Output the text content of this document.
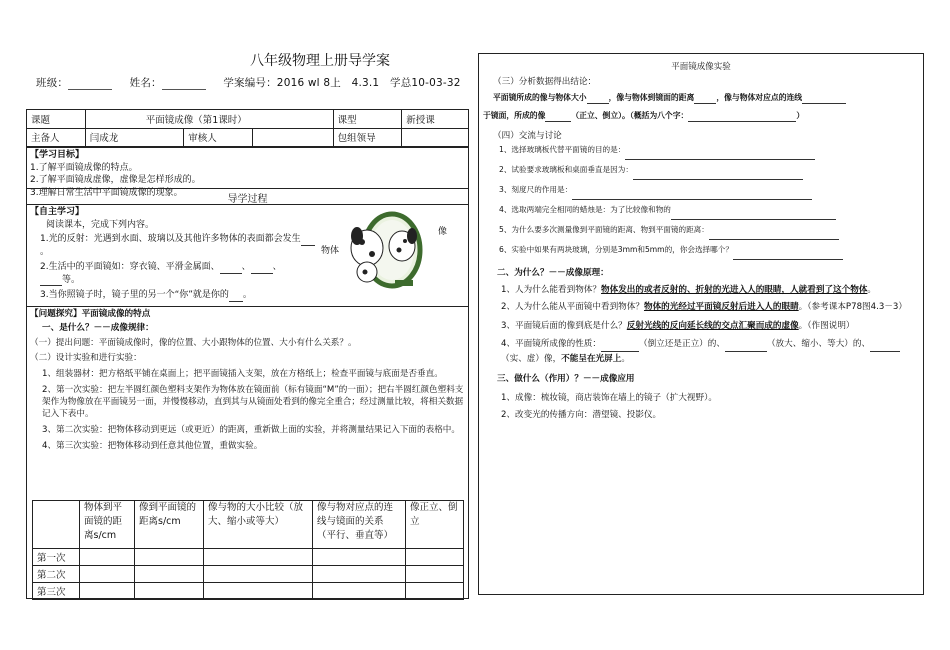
八年级物理上册导学案
班级：	姓名：	学案编号：2016 wl 8上　4.3.1　学总10-03-32
课题	平面镜成像（第1课时）			课型	新授课
主备人	闫成龙	审核人		包组领导	
【学习目标】
1.了解平面镜成像的特点。
2.了解平面镜成虚像，虚像是怎样形成的。
3.理解日常生活中平面镜成像的现象。
导学过程
【自主学习】
阅读课本，完成下列内容。
1.光的反射：光遇到水面、玻璃以及其他许多物体的表面都会发生。
2.生活中的平面镜如：穿衣镜、平滑金属面、 、 、
等。
3.当你照镜子时，镜子里的另一个“你”就是你的 。
物体
像
【问题探究】平面镜成像的特点
一、是什么？－－成像规律：
（一）提出问题：平面镜成像时，像的位置、大小跟物体的位置、大小有什么关系？。
（二）设计实验和进行实验：
1、组装器材：把方格纸平铺在桌面上；把平面镜插入支架，放在方格纸上；检查平面镜与底面是否垂直。
2、第一次实验：把左半圆红颜色塑料支架作为物体放在镜面前（标有镜面“M”的一面）；把右半圆红颜色塑料支架作为物像放在平面镜另一面，并慢慢移动，直到其与从镜面处看到的像完全重合；经过测量比较，将相关数据记入下表中。
3、第二次实验：把物体移动到更远（或更近）的距离，重新做上面的实验，并将测量结果记入下面的表格中。
4、第三次实验：把物体移动到任意其他位置，重做实验。
	物体到平面镜的距离s/cm	像到平面镜的距离s/cm	像与物的大小比较（放大、缩小或等大）	像与物对应点的连线与镜面的关系（平行、垂直等）	像正立、倒立
第一次					
第二次					
第三次					
平面镜成像实验
（三）分析数据得出结论：
平面镜所成的像与物体大小	，像与物体到镜面的距离	，像与物体对应点的连线
于镜面，所成的像	（正立、倒立）。（概括为八个字：	）
（四）交流与讨论
1、选择玻璃板代替平面镜的目的是：
2、试验要求玻璃板和桌面垂直是因为：
3、刻度尺的作用是：
4、选取两端完全相同的蜡烛是：为了比较像和物的
5、为什么要多次测量像到平面镜的距离、物到平面镜的距离：
6、实验中如果有两块玻璃，分别是3mm和5mm的，你会选择哪个？
二、为什么？－－成像原理：
1、人为什么能看到物体？物体发出的或者反射的、折射的光进入人的眼睛，人就看到了这个物体。
2、人为什么能从平面镜中看到物体？物体的光经过平面镜反射后进入人的眼睛。（参考课本P78图4.3－3）
3、平面镜后面的像到底是什么？反射光线的反向延长线的交点汇聚而成的虚像。（作图说明）
4、平面镜所成像的性质：	（倒立还是正立）的、	（放大、缩小、等大）的、
（实、虚）像，不能呈在光屏上。
三、做什么（作用）？－－成像应用
1、成像：梳妆镜，商店装饰在墙上的镜子（扩大视野）。
2、改变光的传播方向：潜望镜、投影仪。
